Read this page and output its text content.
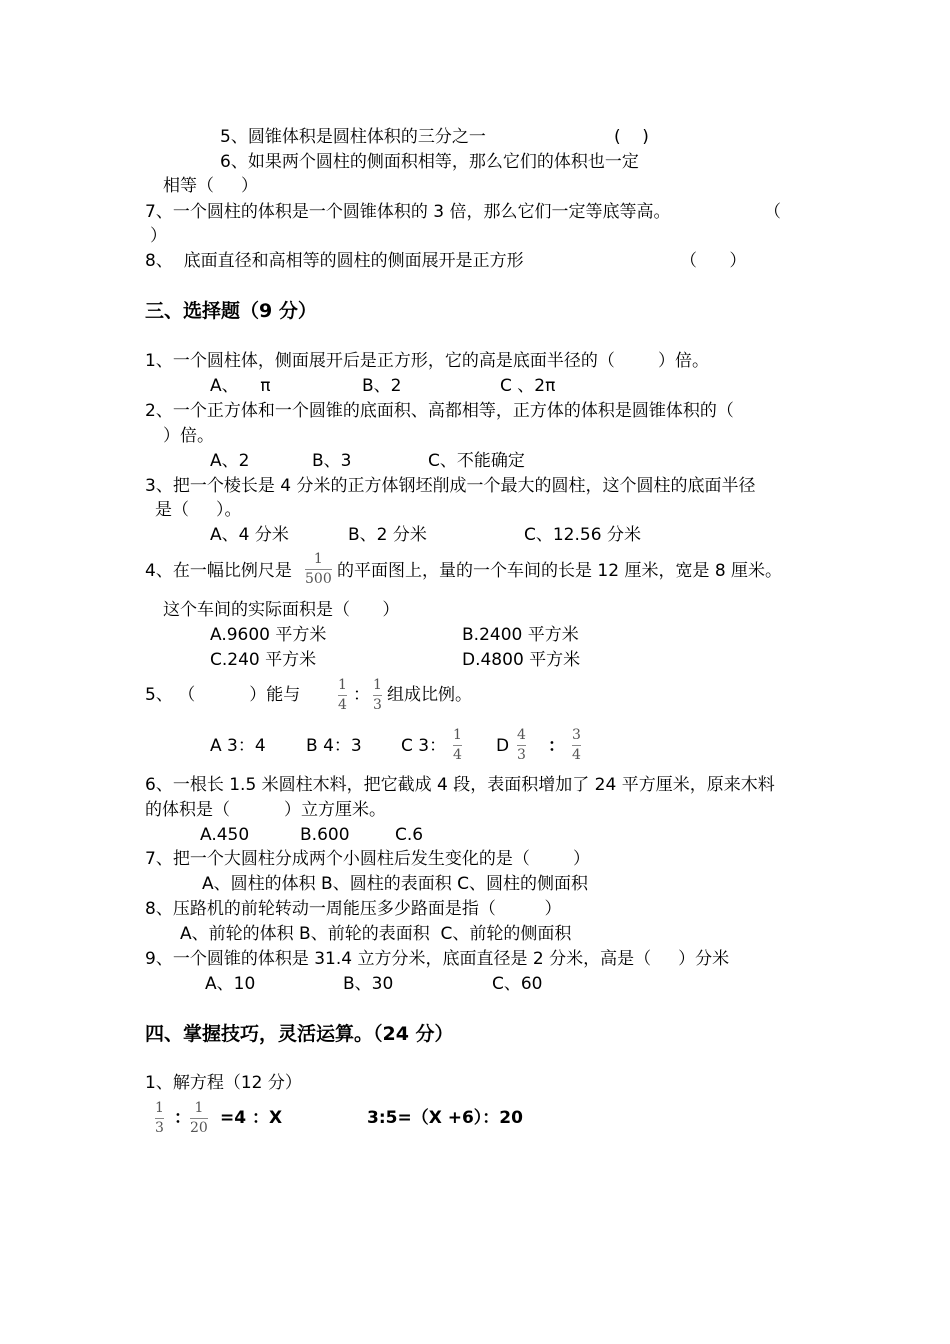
5、圆锥体积是圆柱体积的三分之一	(    )
6、如果两个圆柱的侧面积相等，那么它们的体积也一定
相等（     ）
7、一个圆柱的体积是一个圆锥体积的 3 倍，那么它们一定等底等高。	（
）
8、  底面直径和高相等的圆柱的侧面展开是正方形	（      ）
三、选择题（9 分）
1、一个圆柱体，侧面展开后是正方形，它的高是底面半径的（        ）倍。
A、    π	B、2	C 、2π
2、一个正方体和一个圆锥的底面积、高都相等，正方体的体积是圆锥体积的（
）倍。
A、2	B、3	C、不能确定
3、把一个棱长是 4 分米的正方体钢坯削成一个最大的圆柱，这个圆柱的底面半径
是（     ）。
A、4 分米	B、2 分米	C、12.56 分米
4、在一幅比例尺是
1
500 的平面图上，量的一个车间的长是 12 厘米，宽是 8 厘米。
这个车间的实际面积是（      ）
A.9600 平方米	B.2400 平方米
C.240 平方米	D.4800 平方米
5、 （          ）能与	1
4 ： 1
3 组成比例。
A 3：4 B 4：3 C 3：
1
4 D
4
3 ：
3
4
6、一根长 1.5 米圆柱木料，把它截成 4 段，表面积增加了 24 平方厘米，原来木料
的体积是（          ）立方厘米。
A.450	B.600	C.6
7、把一个大圆柱分成两个小圆柱后发生变化的是（        ）
A、圆柱的体积 B、圆柱的表面积 C、圆柱的侧面积
8、压路机的前轮转动一周能压多少路面是指（         ）
A、前轮的体积 B、前轮的表面积  C、前轮的侧面积
9、一个圆锥的体积是 31.4 立方分米，底面直径是 2 分米，高是（     ）分米
A、10	B、30	C、60
四、掌握技巧，灵活运算。（24 分）
1、解方程（12 分）
1
3 ： 1
20 =4 ：X	3:5=（X +6）：20
